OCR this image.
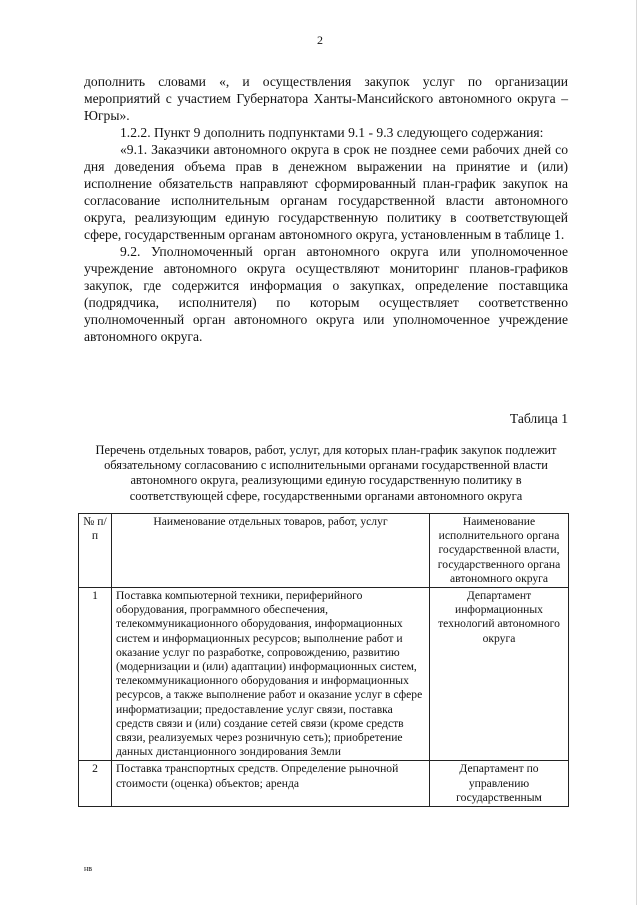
2

дополнить словами «, и осуществления закупок услуг по организации мероприятий с участием Губернатора Ханты-Мансийского автономного округа – Югры».

1.2.2. Пункт 9 дополнить подпунктами 9.1 - 9.3 следующего содержания:

«9.1. Заказчики автономного округа в срок не позднее семи рабочих дней со дня доведения объема прав в денежном выражении на принятие и (или) исполнение обязательств направляют сформированный план-график закупок на согласование исполнительным органам государственной власти автономного округа, реализующим единую государственную политику в соответствующей сфере, государственным органам автономного округа, установленным в таблице 1.

9.2. Уполномоченный орган автономного округа или уполномоченное учреждение автономного округа осуществляют мониторинг планов-графиков закупок, где содержится информация о закупках, определение поставщика (подрядчика, исполнителя) по которым осуществляет соответственно уполномоченный орган автономного округа или уполномоченное учреждение автономного округа.

Таблица 1
Перечень отдельных товаров, работ, услуг, для которых план-график закупок подлежит обязательному согласованию с исполнительными органами государственной власти автономного округа, реализующими единую государственную политику в соответствующей сфере, государственными органами автономного округа
№ п/п	Наименование отдельных товаров, работ, услуг	Наименование исполнительного органа государственной власти, государственного органа автономного округа
1	Поставка компьютерной техники, периферийного оборудования, программного обеспечения, телекоммуникационного оборудования, информационных систем и информационных ресурсов; выполнение работ и оказание услуг по разработке, сопровождению, развитию (модернизации и (или) адаптации) информационных систем, телекоммуникационного оборудования и информационных ресурсов, а также выполнение работ и оказание услуг в сфере информатизации; предоставление услуг связи, поставка средств связи и (или) создание сетей связи (кроме средств связи, реализуемых через розничную сеть); приобретение данных дистанционного зондирования Земли	Департамент информационных технологий автономного округа
2	Поставка транспортных средств. Определение рыночной стоимости (оценка) объектов; аренда	Департамент по управлению государственным
нв
